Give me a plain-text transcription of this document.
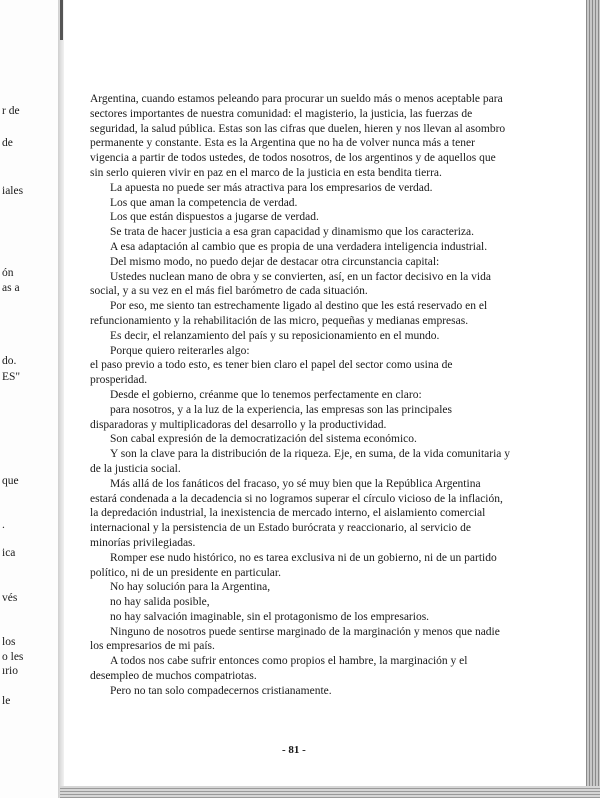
r de
de
iales
ón
as a
do.
ES"
que
.
ica
vés
los
o les
ırio
le

Argentina, cuando estamos peleando para procurar un sueldo más o menos aceptable para sectores importantes de nuestra comunidad: el magisterio, la justicia, las fuerzas de seguridad, la salud pública. Estas son las cifras que duelen, hieren y nos llevan al asombro permanente y constante. Esta es la Argentina que no ha de volver nunca más a tener vigencia a partir de todos ustedes, de todos nosotros, de los argentinos y de aquellos que sin serlo quieren vivir en paz en el marco de la justicia en esta bendita tierra.

La apuesta no puede ser más atractiva para los empresarios de verdad.

Los que aman la competencia de verdad.

Los que están dispuestos a jugarse de verdad.

Se trata de hacer justicia a esa gran capacidad y dinamismo que los caracteriza.

A esa adaptación al cambio que es propia de una verdadera inteligencia industrial.

Del mismo modo, no puedo dejar de destacar otra circunstancia capital:

Ustedes nuclean mano de obra y se convierten, así, en un factor decisivo en la vida social, y a su vez en el más fiel barómetro de cada situación.

Por eso, me siento tan estrechamente ligado al destino que les está reservado en el refuncionamiento y la rehabilitación de las micro, pequeñas y medianas empresas.

Es decir, el relanzamiento del país y su reposicionamiento en el mundo.

Porque quiero reiterarles algo:

el paso previo a todo esto, es tener bien claro el papel del sector como usina de prosperidad.

Desde el gobierno, créanme que lo tenemos perfectamente en claro:

para nosotros, y a la luz de la experiencia, las empresas son las principales disparadoras y multiplicadoras del desarrollo y la productividad.

Son cabal expresión de la democratización del sistema económico.

Y son la clave para la distribución de la riqueza. Eje, en suma, de la vida comunitaria y de la justicia social.

Más allá de los fanáticos del fracaso, yo sé muy bien que la República Argentina estará condenada a la decadencia si no logramos superar el círculo vicioso de la inflación, la depredación industrial, la inexistencia de mercado interno, el aislamiento comercial internacional y la persistencia de un Estado burócrata y reaccionario, al servicio de minorías privilegiadas.

Romper ese nudo histórico, no es tarea exclusiva ni de un gobierno, ni de un partido político, ni de un presidente en particular.

No hay solución para la Argentina,

no hay salida posible,

no hay salvación imaginable, sin el protagonismo de los empresarios.

Ninguno de nosotros puede sentirse marginado de la marginación y menos que nadie los empresarios de mi país.

A todos nos cabe sufrir entonces como propios el hambre, la marginación y el desempleo de muchos compatriotas.

Pero no tan solo compadecernos cristianamente.

- 81 -
